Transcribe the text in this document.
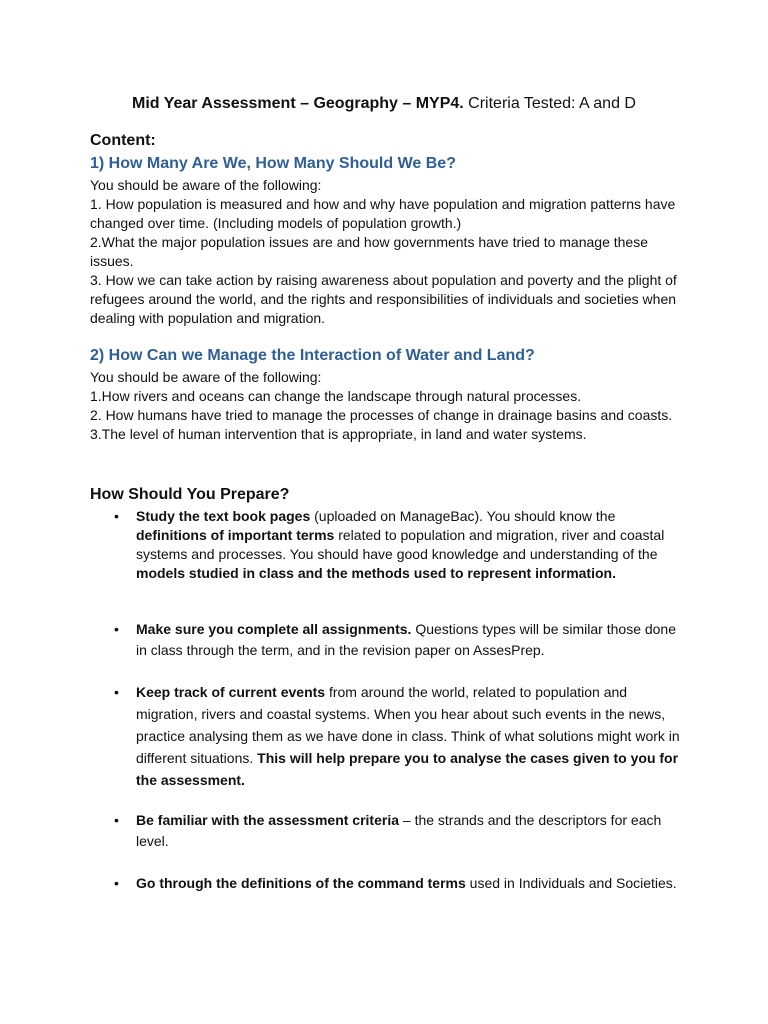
Mid Year Assessment – Geography – MYP4. Criteria Tested: A and D
Content:
1) How Many Are We, How Many Should We Be?
You should be aware of the following:
1. How population is measured and how and why have population and migration patterns have changed over time. (Including models of population growth.)
2.What the major population issues are and how governments have tried to manage these issues.
3. How we can take action by raising awareness about population and poverty and the plight of refugees around the world, and the rights and responsibilities of individuals and societies when dealing with population and migration.
2) How Can we Manage the Interaction of Water and Land?
You should be aware of the following:
1.How rivers and oceans can change the landscape through natural processes.
2. How humans have tried to manage the processes of change in drainage basins and coasts.
3.The level of human intervention that is appropriate, in land and water systems.
How Should You Prepare?
• Study the text book pages (uploaded on ManageBac). You should know the definitions of important terms related to population and migration, river and coastal systems and processes. You should have good knowledge and understanding of the models studied in class and the methods used to represent information.
• Make sure you complete all assignments. Questions types will be similar those done in class through the term, and in the revision paper on AssesPrep.
• Keep track of current events from around the world, related to population and migration, rivers and coastal systems. When you hear about such events in the news, practice analysing them as we have done in class. Think of what solutions might work in different situations. This will help prepare you to analyse the cases given to you for the assessment.
• Be familiar with the assessment criteria – the strands and the descriptors for each level.
• Go through the definitions of the command terms used in Individuals and Societies.
